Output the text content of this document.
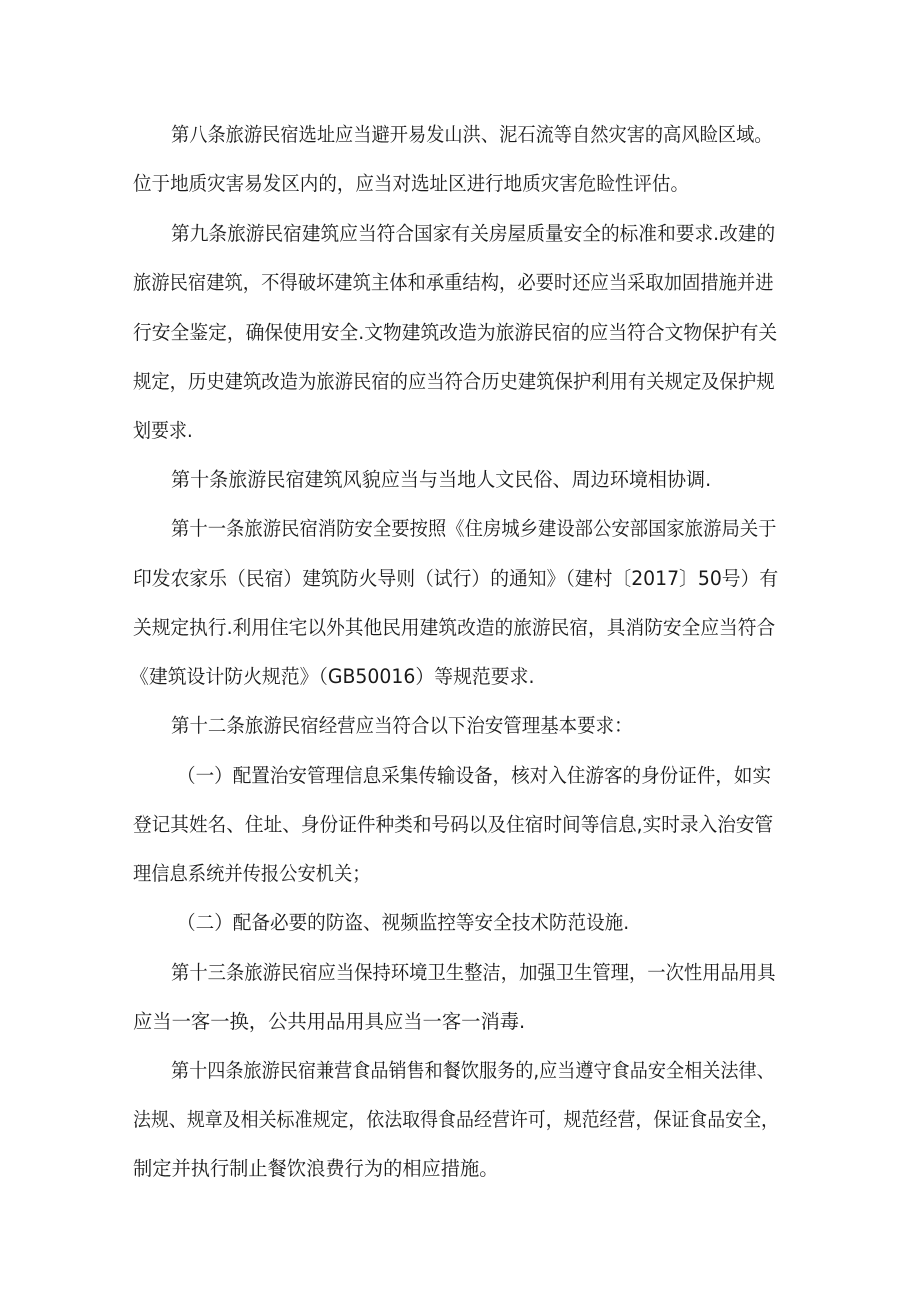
第八条旅游民宿选址应当避开易发山洪、泥石流等自然灾害的高风睑区域。

位于地质灾害易发区内的，应当对选址区进行地质灾害危睑性评估。

第九条旅游民宿建筑应当符合国家有关房屋质量安全的标准和要求.改建的

旅游民宿建筑，不得破坏建筑主体和承重结构，必要时还应当采取加固措施并进

行安全鉴定，确保使用安全.文物建筑改造为旅游民宿的应当符合文物保护有关

规定，历史建筑改造为旅游民宿的应当符合历史建筑保护利用有关规定及保护规

划要求.

第十条旅游民宿建筑风貌应当与当地人文民俗、周边环境相协调.

第十一条旅游民宿消防安全要按照《住房城乡建设部公安部国家旅游局关于

印发农家乐（民宿）建筑防火导则（试行）的通知》（建村〔2017〕50号）有

关规定执行.利用住宅以外其他民用建筑改造的旅游民宿，具消防安全应当符合

《建筑设计防火规范》（GB50016）等规范要求.

第十二条旅游民宿经营应当符合以下治安管理基本要求：

（一）配置治安管理信息采集传输设备，核对入住游客的身份证件，如实

登记其姓名、住址、身份证件种类和号码以及住宿时间等信息,实时录入治安管

理信息系统并传报公安机关；

（二）配备必要的防盗、视频监控等安全技术防范设施.

第十三条旅游民宿应当保持环境卫生整洁，加强卫生管理，一次性用品用具

应当一客一换，公共用品用具应当一客一消毒.

第十四条旅游民宿兼营食品销售和餐饮服务的,应当遵守食品安全相关法律、

法规、规章及相关标准规定，依法取得食品经营许可，规范经营，保证食品安全，

制定并执行制止餐饮浪费行为的相应措施。
